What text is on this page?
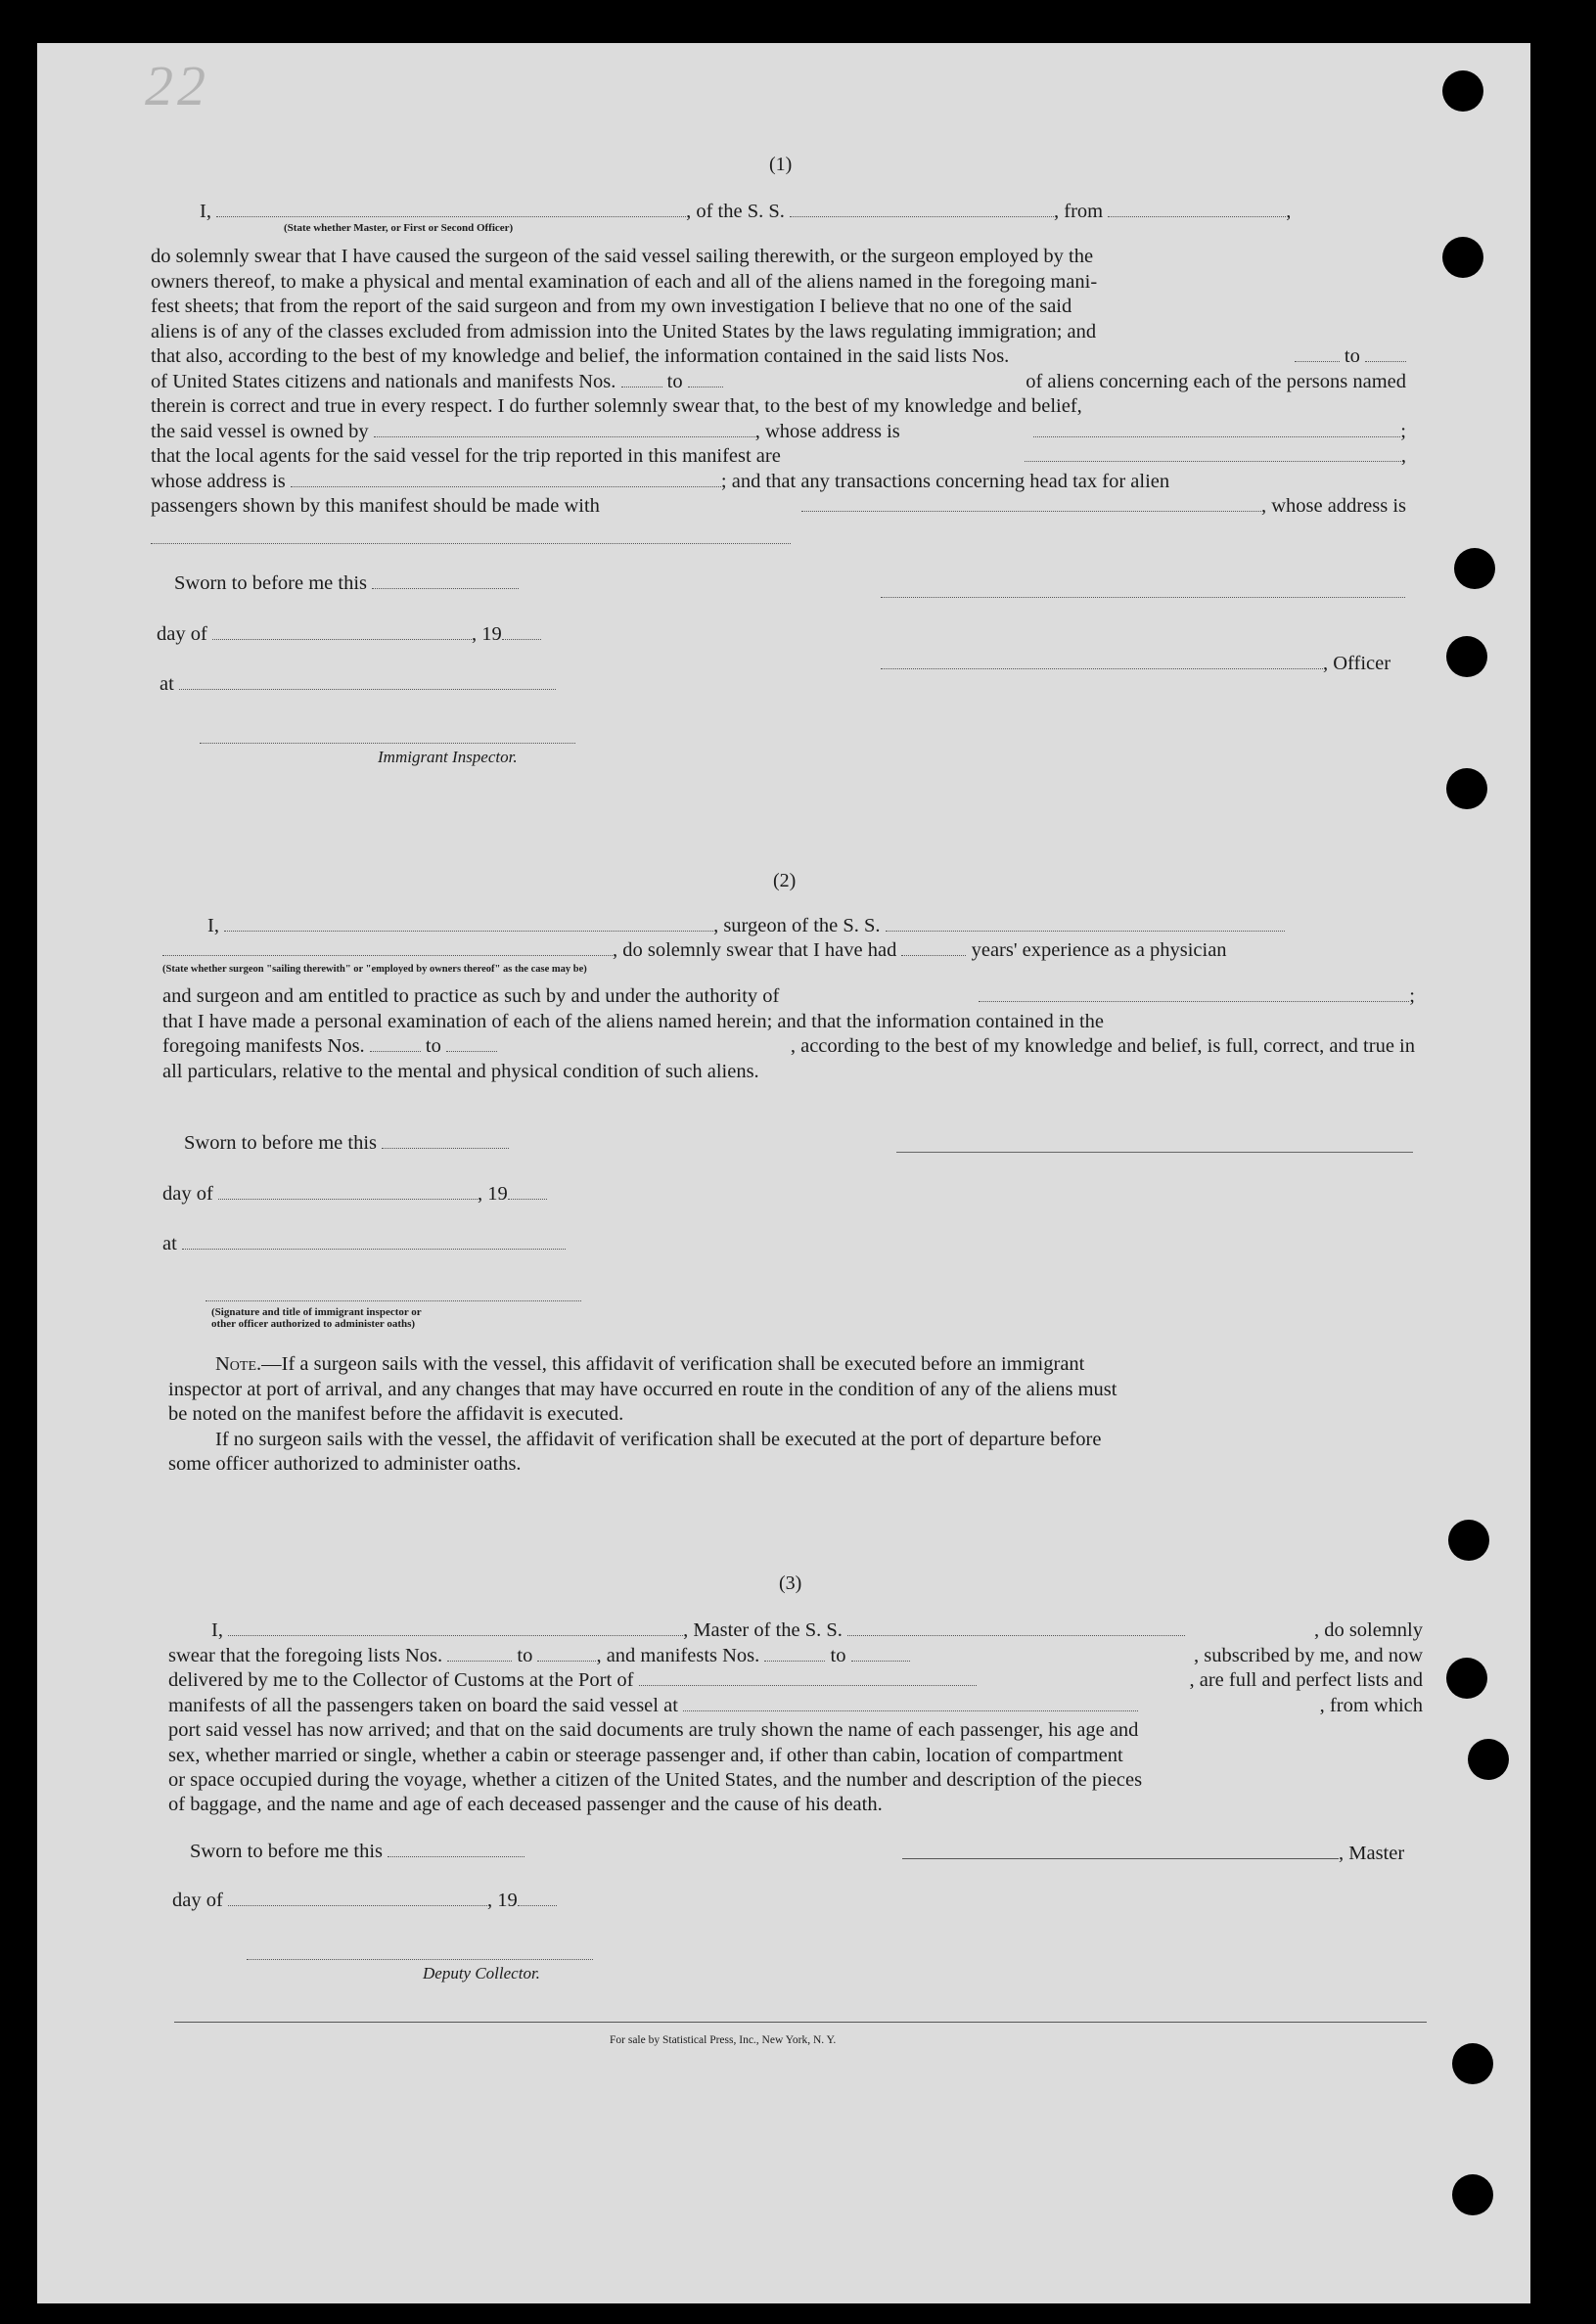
22
(1)
I,	, of the S. S.	, from	,
(State whether Master, or First or Second Officer)
do solemnly swear that I have caused the surgeon of the said vessel sailing therewith, or the surgeon employed by the
owners thereof, to make a physical and mental examination of each and all of the aliens named in the foregoing mani-
fest sheets; that from the report of the said surgeon and from my own investigation I believe that no one of the said
aliens is of any of the classes excluded from admission into the United States by the laws regulating immigration; and
that also, according to the best of my knowledge and belief, the information contained in the said lists Nos.	to
of United States citizens and nationals and manifests Nos.	to	of aliens concerning each of the persons named
therein is correct and true in every respect. I do further solemnly swear that, to the best of my knowledge and belief,
the said vessel is owned by	, whose address is	;
that the local agents for the said vessel for the trip reported in this manifest are	,
whose address is	; and that any transactions concerning head tax for alien
passengers shown by this manifest should be made with	, whose address is
Sworn to before me this
day of	, 19
, Officer
at
Immigrant Inspector.
(2)
I,	, surgeon of the S. S.
, do solemnly swear that I have had	years' experience as a physician
(State whether surgeon "sailing therewith" or "employed by owners thereof" as the case may be)
and surgeon and am entitled to practice as such by and under the authority of	;
that I have made a personal examination of each of the aliens named herein; and that the information contained in the
foregoing manifests Nos.	to	, according to the best of my knowledge and belief, is full, correct, and true in
all particulars, relative to the mental and physical condition of such aliens.
Sworn to before me this
day of	, 19
at
(Signature and title of immigrant inspector or
other officer authorized to administer oaths)
Note.—If a surgeon sails with the vessel, this affidavit of verification shall be executed before an immigrant
inspector at port of arrival, and any changes that may have occurred en route in the condition of any of the aliens must
be noted on the manifest before the affidavit is executed.
If no surgeon sails with the vessel, the affidavit of verification shall be executed at the port of departure before
some officer authorized to administer oaths.
(3)
I,	, Master of the S. S.	, do solemnly
swear that the foregoing lists Nos.	to	, and manifests Nos.	to	, subscribed by me, and now
delivered by me to the Collector of Customs at the Port of	, are full and perfect lists and
manifests of all the passengers taken on board the said vessel at	, from which
port said vessel has now arrived; and that on the said documents are truly shown the name of each passenger, his age and
sex, whether married or single, whether a cabin or steerage passenger and, if other than cabin, location of compartment
or space occupied during the voyage, whether a citizen of the United States, and the number and description of the pieces
of baggage, and the name and age of each deceased passenger and the cause of his death.
Sworn to before me this	, Master
day of	, 19
Deputy Collector.
For sale by Statistical Press, Inc., New York, N. Y.
